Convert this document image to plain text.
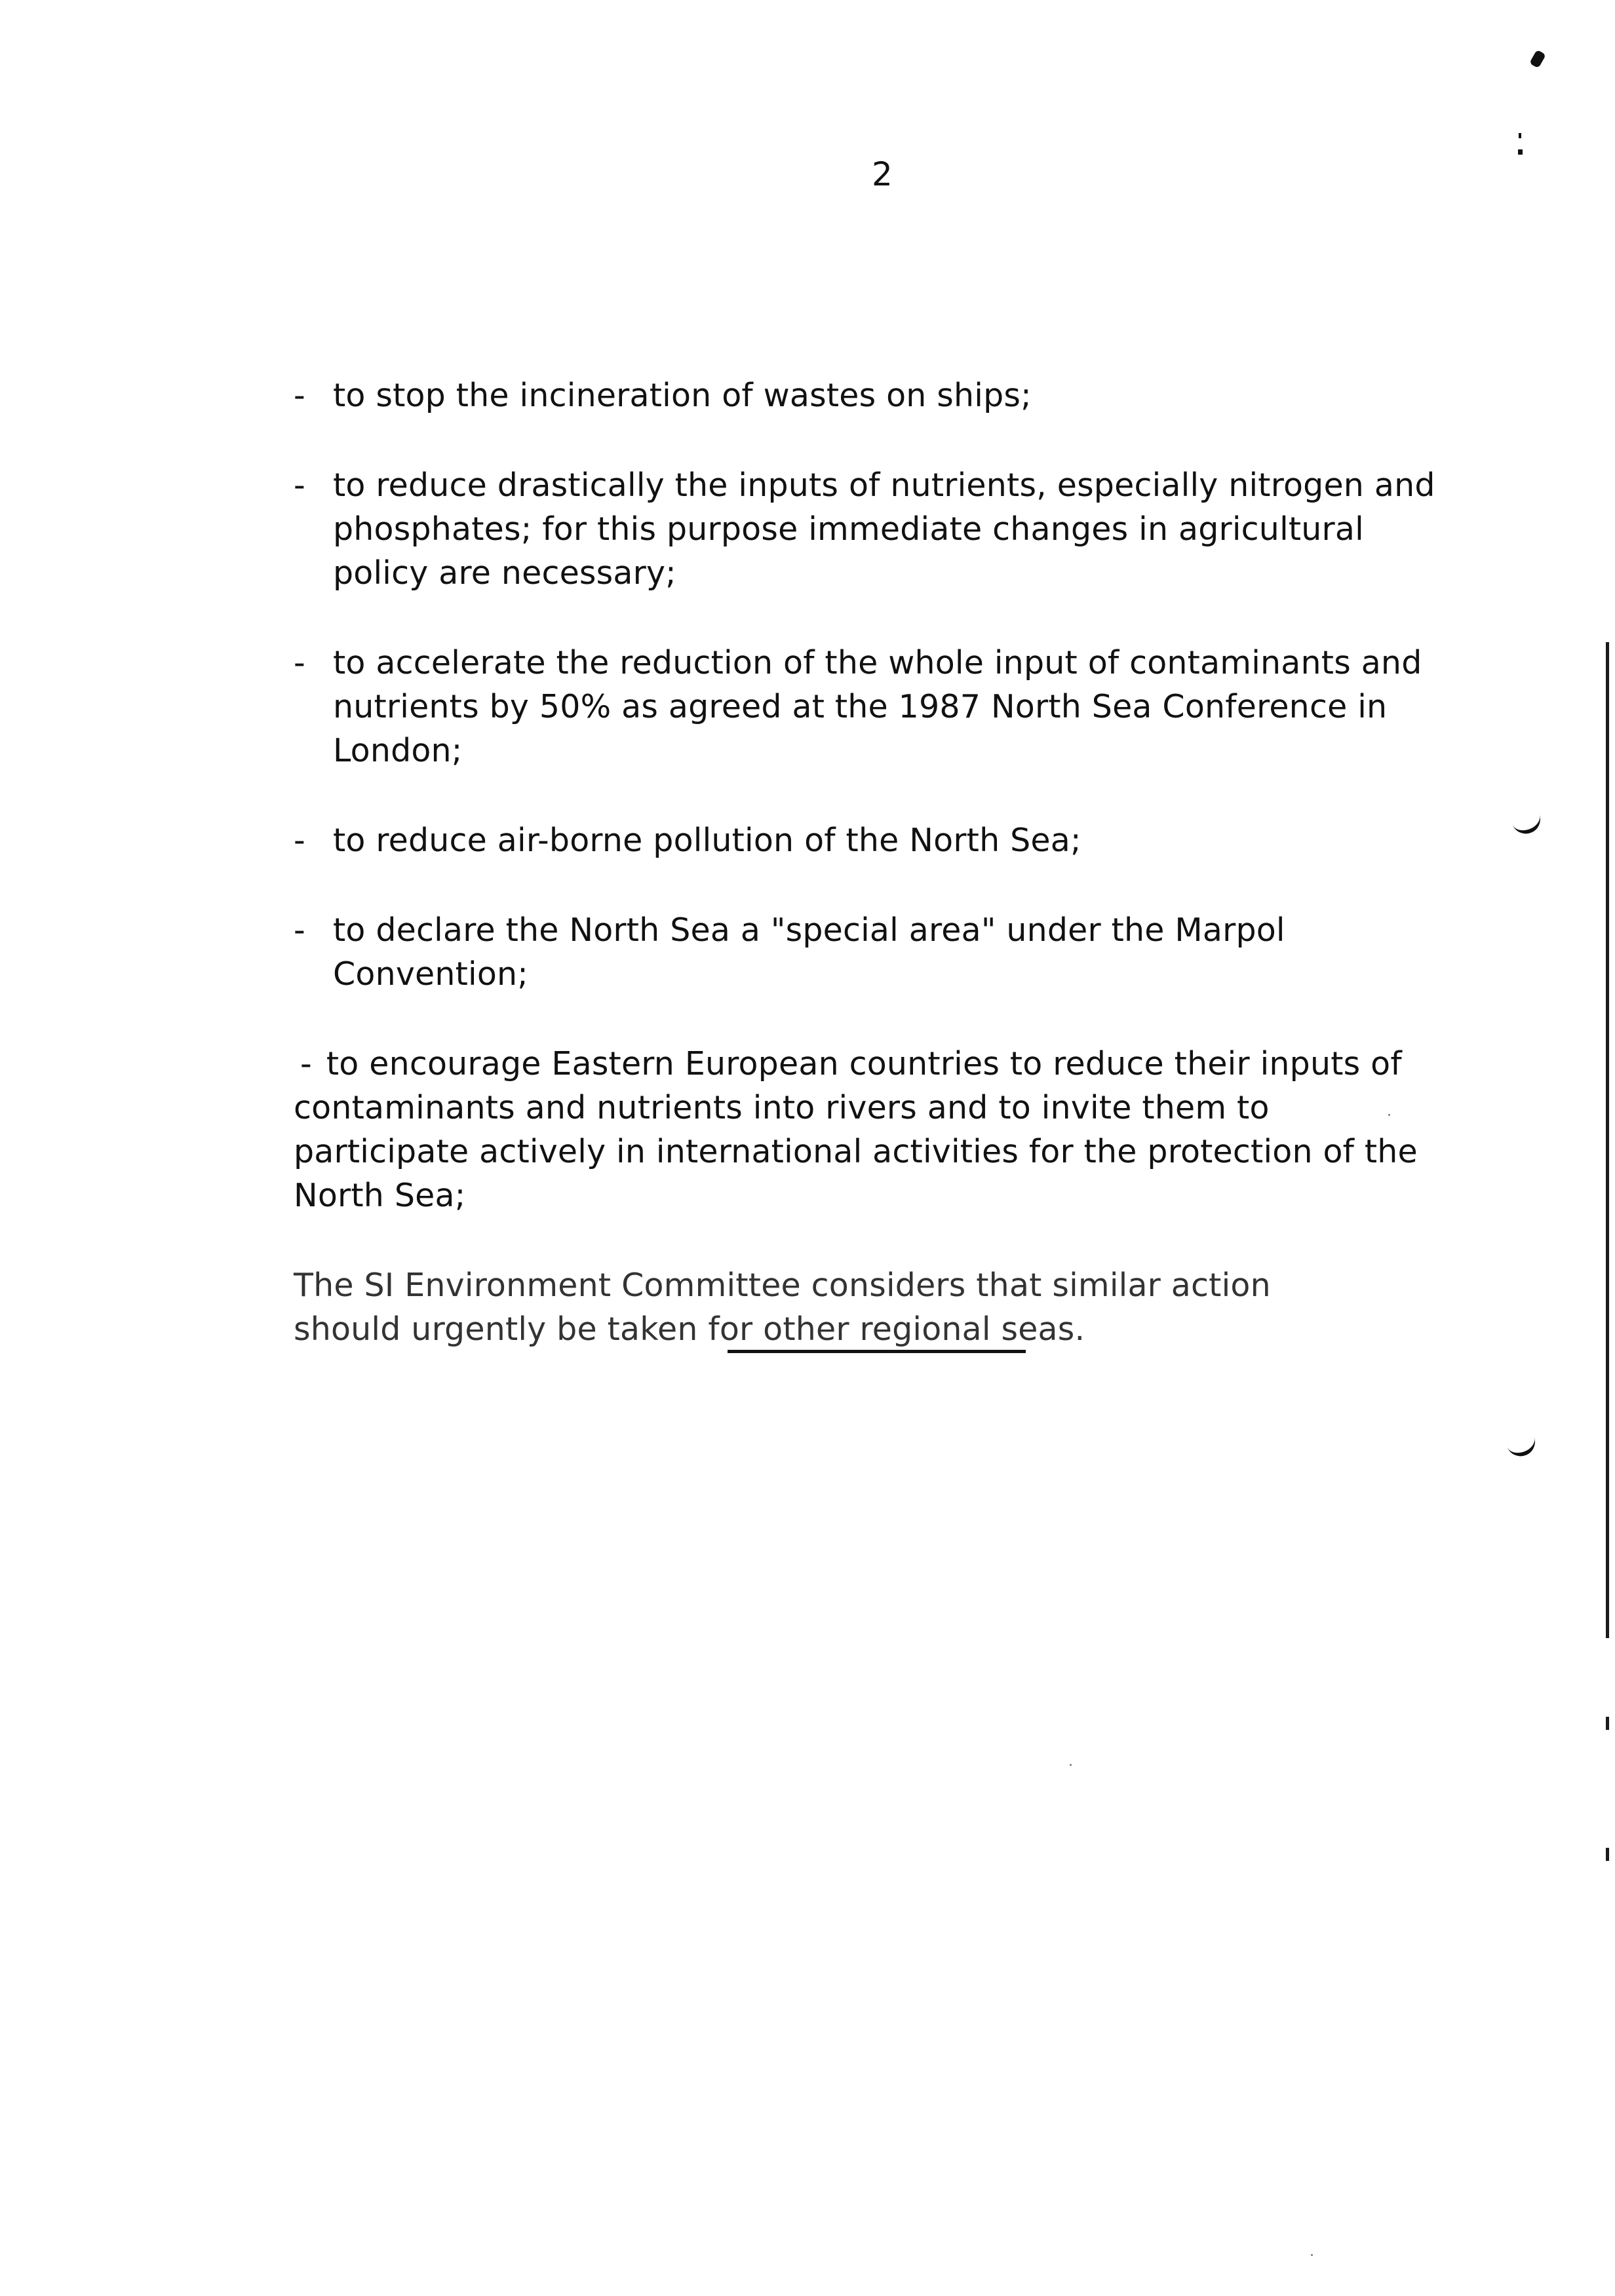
2
- to stop the incineration of wastes on ships;
- to reduce drastically the inputs of nutrients, especially nitrogen and phosphates; for this purpose immediate changes in agricultural policy are necessary;
- to accelerate the reduction of the whole input of contaminants and nutrients by 50% as agreed at the 1987 North Sea Conference in London;
- to reduce air-borne pollution of the North Sea;
- to declare the North Sea a "special area" under the Marpol Convention;
- to encourage Eastern European countries to reduce their inputs of contaminants and nutrients into rivers and to invite them to participate actively in international activities for the protection of the North Sea;
The SI Environment Committee considers that similar action should urgently be taken for other regional seas.
